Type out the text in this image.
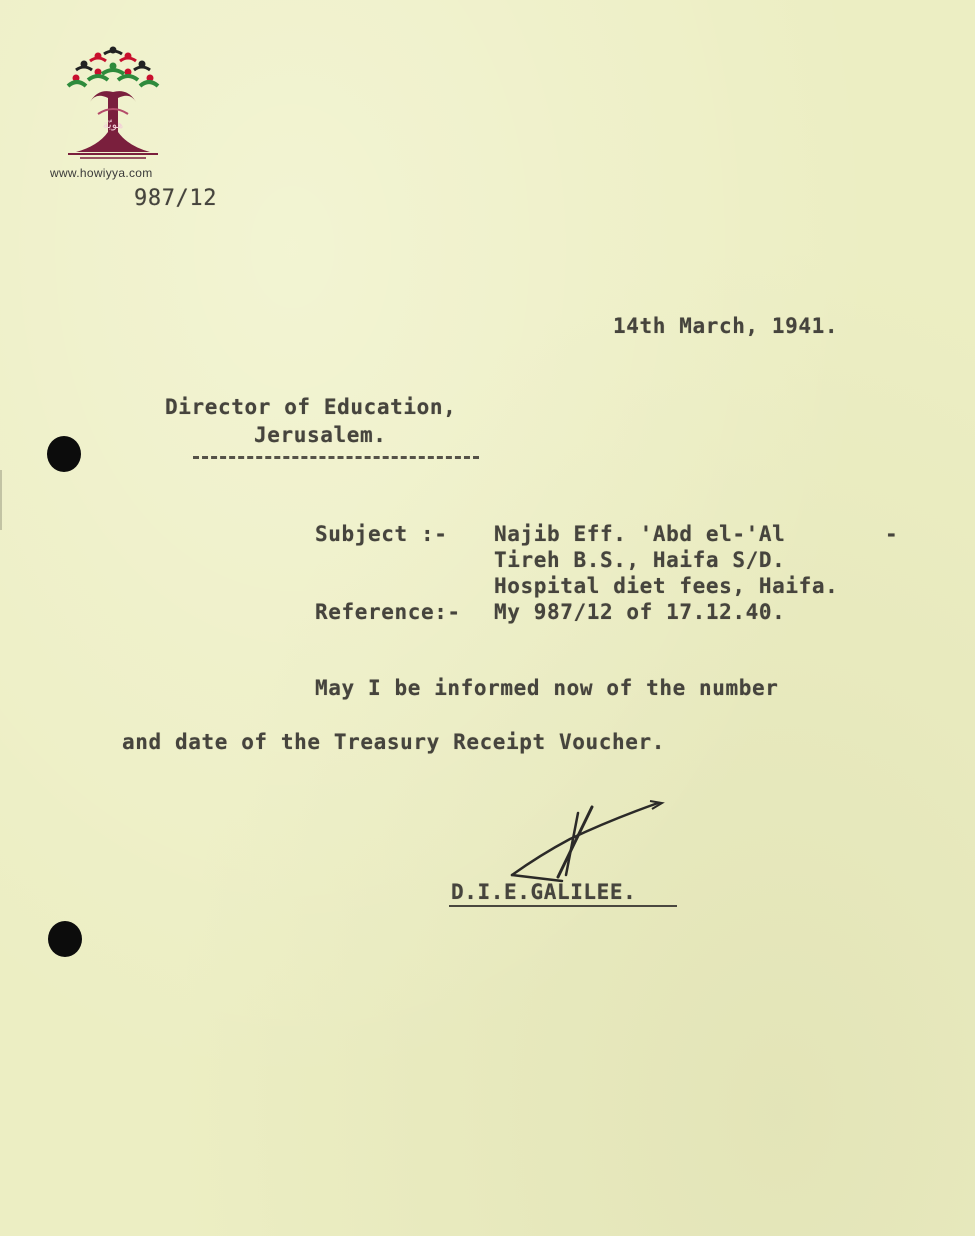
هويّة
www.howiyya.com
987/12
14th March, 1941.
Director of Education,
Jerusalem.
Subject :- Najib Eff. 'Abd el-'Al	-
Tireh B.S., Haifa S/D.
Hospital diet fees, Haifa.
Reference:- My 987/12 of 17.12.40.
May I be informed now of the number
and date of the Treasury Receipt Voucher.
D.I.E.GALILEE.
